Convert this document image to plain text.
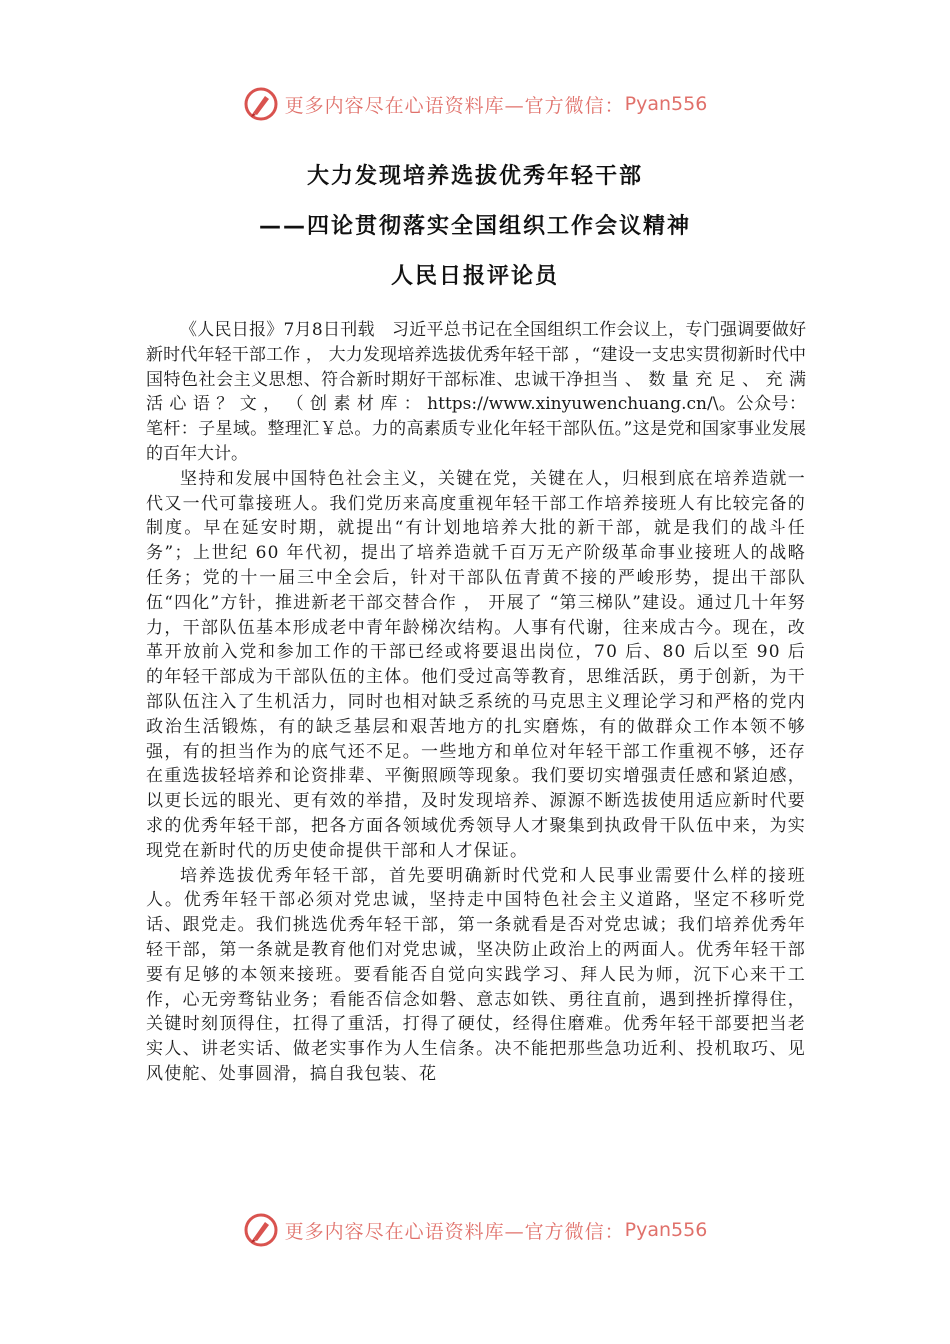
更多内容尽在心语资料库—官方微信： Pyan556
大力发现培养选拔优秀年轻干部
——四论贯彻落实全国组织工作会议精神
人民日报评论员

《人民日报》7月8日刊载　习近平总书记在全国组织工作会议上，专门强调要做好新时代年轻干部工作 ， 大力发现培养选拔优秀年轻干部 ，“建设一支忠实贯彻新时代中国特色社会主义思想、符合新时期好干部标准、忠诚干净担当 、 数 量 充 足 、 充 满 活 心 语 ？ 文 ， （ 创 素 材 库 ： https://www.xinyuwenchuang.cn/\。公众号：笔杆：子星域。整理汇￥总。力的高素质专业化年轻干部队伍。”这是党和国家事业发展的百年大计。

坚持和发展中国特色社会主义，关键在党，关键在人，归根到底在培养造就一代又一代可靠接班人。我们党历来高度重视年轻干部工作培养接班人有比较完备的制度。早在延安时期，就提出“有计划地培养大批的新干部，就是我们的战斗任务”；上世纪 60 年代初，提出了培养造就千百万无产阶级革命事业接班人的战略任务；党的十一届三中全会后，针对干部队伍青黄不接的严峻形势，提出干部队伍“四化”方针，推进新老干部交替合作 ， 开展了 “第三梯队”建设。通过几十年努力，干部队伍基本形成老中青年龄梯次结构。人事有代谢，往来成古今。现在，改革开放前入党和参加工作的干部已经或将要退出岗位，70 后、80 后以至 90 后的年轻干部成为干部队伍的主体。他们受过高等教育，思维活跃，勇于创新，为干部队伍注入了生机活力，同时也相对缺乏系统的马克思主义理论学习和严格的党内政治生活锻炼，有的缺乏基层和艰苦地方的扎实磨炼，有的做群众工作本领不够强，有的担当作为的底气还不足。一些地方和单位对年轻干部工作重视不够，还存在重选拔轻培养和论资排辈、平衡照顾等现象。我们要切实增强责任感和紧迫感，以更长远的眼光、更有效的举措，及时发现培养、源源不断选拔使用适应新时代要求的优秀年轻干部，把各方面各领域优秀领导人才聚集到执政骨干队伍中来，为实现党在新时代的历史使命提供干部和人才保证。

培养选拔优秀年轻干部，首先要明确新时代党和人民事业需要什么样的接班人。优秀年轻干部必须对党忠诚，坚持走中国特色社会主义道路，坚定不移听党话、跟党走。我们挑选优秀年轻干部，第一条就看是否对党忠诚；我们培养优秀年轻干部，第一条就是教育他们对党忠诚，坚决防止政治上的两面人。优秀年轻干部要有足够的本领来接班。要看能否自觉向实践学习、拜人民为师，沉下心来干工作，心无旁骛钻业务；看能否信念如磐、意志如铁、勇往直前，遇到挫折撑得住，关键时刻顶得住，扛得了重活，打得了硬仗，经得住磨难。优秀年轻干部要把当老实人、讲老实话、做老实事作为人生信条。决不能把那些急功近利、投机取巧、见风使舵、处事圆滑，搞自我包装、花

更多内容尽在心语资料库—官方微信： Pyan556
